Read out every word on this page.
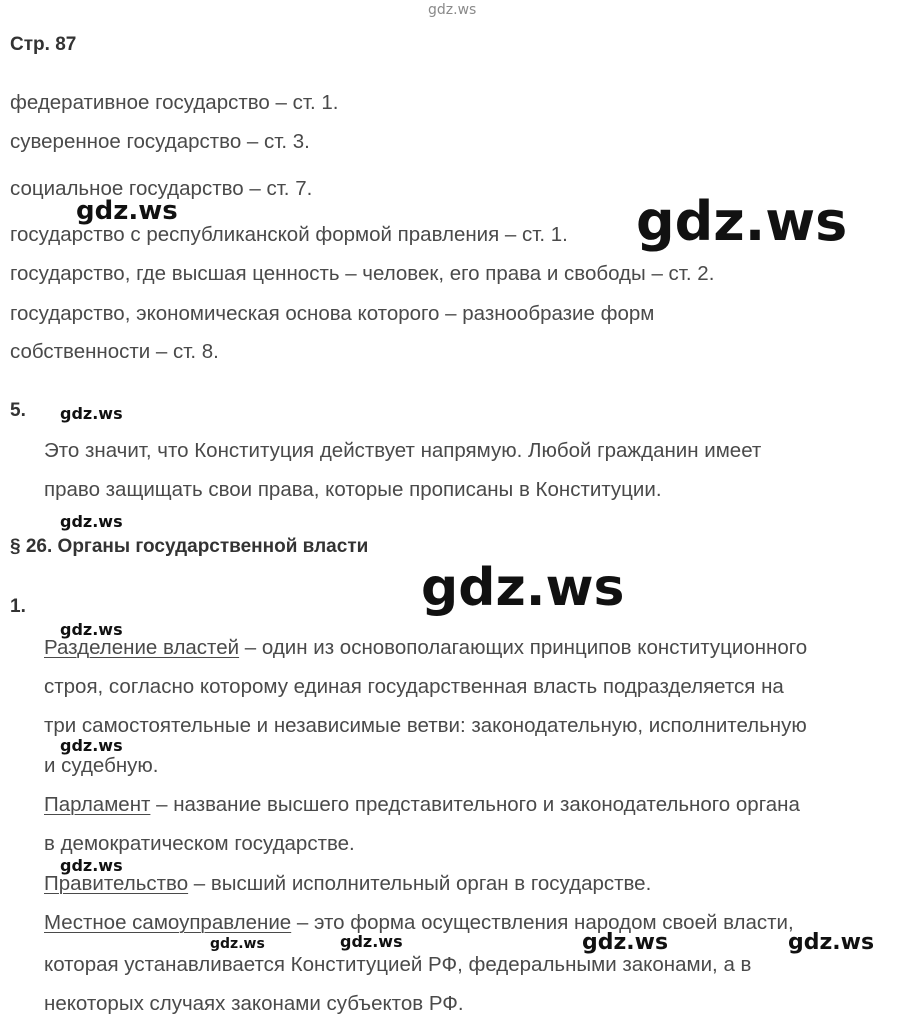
gdz.ws
gdz.ws	gdz.ws
gdz.ws
gdz.ws
gdz.ws
gdz.ws
gdz.ws
gdz.ws
gdz.ws	gdz.ws	gdz.ws	gdz.ws
Стр. 87
федеративное государство – ст. 1.
суверенное государство – ст. 3.
социальное государство – ст. 7.
государство с республиканской формой правления – ст. 1.
государство, где высшая ценность – человек, его права и свободы – ст. 2.
государство, экономическая основа которого – разнообразие форм
собственности – ст. 8.
5.
Это значит, что Конституция действует напрямую. Любой гражданин имеет
право защищать свои права, которые прописаны в Конституции.
§ 26. Органы государственной власти
1.
Разделение властей – один из основополагающих принципов конституционного
строя, согласно которому единая государственная власть подразделяется на
три самостоятельные и независимые ветви: законодательную, исполнительную
и судебную.
Парламент – название высшего представительного и законодательного органа
в демократическом государстве.
Правительство – высший исполнительный орган в государстве.
Местное самоуправление – это форма осуществления народом своей власти,
которая устанавливается Конституцией РФ, федеральными законами, а в
некоторых случаях законами субъектов РФ.
